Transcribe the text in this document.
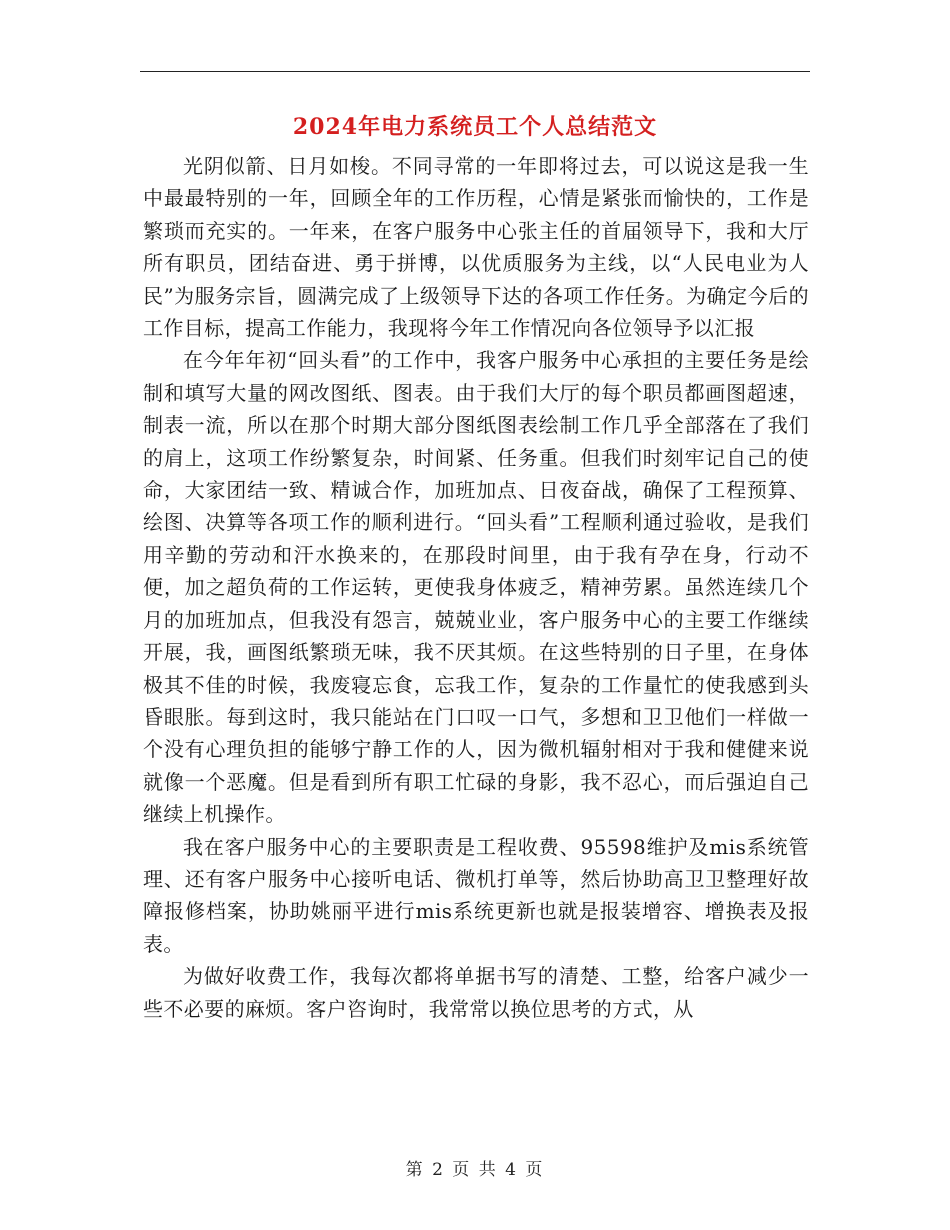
2024年电力系统员工个人总结范文

光阴似箭、日月如梭。不同寻常的一年即将过去，可以说这是我一生中最最特别的一年，回顾全年的工作历程，心情是紧张而愉快的，工作是繁琐而充实的。一年来，在客户服务中心张主任的首届领导下，我和大厅所有职员，团结奋进、勇于拼博，以优质服务为主线，以“人民电业为人民”为服务宗旨，圆满完成了上级领导下达的各项工作任务。为确定今后的工作目标，提高工作能力，我现将今年工作情况向各位领导予以汇报

在今年年初“回头看”的工作中，我客户服务中心承担的主要任务是绘制和填写大量的网改图纸、图表。由于我们大厅的每个职员都画图超速，制表一流，所以在那个时期大部分图纸图表绘制工作几乎全部落在了我们的肩上，这项工作纷繁复杂，时间紧、任务重。但我们时刻牢记自己的使命，大家团结一致、精诚合作，加班加点、日夜奋战，确保了工程预算、绘图、决算等各项工作的顺利进行。“回头看”工程顺利通过验收，是我们用辛勤的劳动和汗水换来的，在那段时间里，由于我有孕在身，行动不便，加之超负荷的工作运转，更使我身体疲乏，精神劳累。虽然连续几个月的加班加点，但我没有怨言，兢兢业业，客户服务中心的主要工作继续开展，我，画图纸繁琐无味，我不厌其烦。在这些特别的日子里，在身体极其不佳的时候，我废寝忘食，忘我工作，复杂的工作量忙的使我感到头昏眼胀。每到这时，我只能站在门口叹一口气，多想和卫卫他们一样做一个没有心理负担的能够宁静工作的人，因为微机辐射相对于我和健健来说就像一个恶魔。但是看到所有职工忙碌的身影，我不忍心，而后强迫自己继续上机操作。

我在客户服务中心的主要职责是工程收费、95598维护及mis系统管理、还有客户服务中心接听电话、微机打单等，然后协助高卫卫整理好故障报修档案，协助姚丽平进行mis系统更新也就是报装增容、增换表及报表。

为做好收费工作，我每次都将单据书写的清楚、工整，给客户减少一些不必要的麻烦。客户咨询时，我常常以换位思考的方式，从

第 2 页 共 4 页
